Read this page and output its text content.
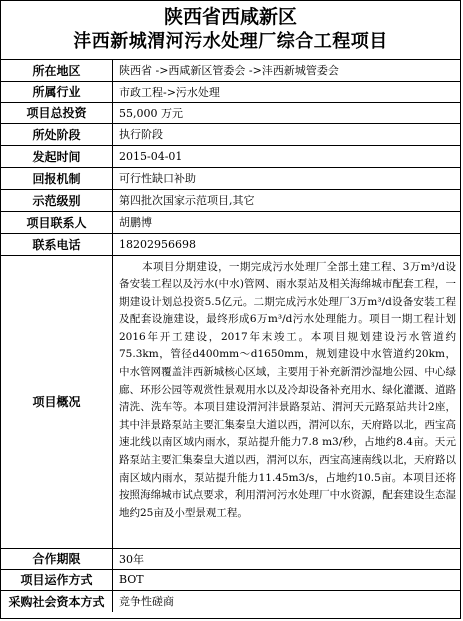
陕西省西咸新区
沣西新城渭河污水处理厂综合工程项目
所在地区	陕西省 ->西咸新区管委会 ->沣西新城管委会
所属行业	市政工程->污水处理
项目总投资	55,000 万元
所处阶段	执行阶段
发起时间	2015-04-01
回报机制	可行性缺口补助
示范级别	第四批次国家示范项目,其它
项目联系人	胡鹏博
联系电话	18202956698
项目概况	本项目分期建设，一期完成污水处理厂全部土建工程、3万m³/d设备安装工程以及污水(中水)管网、雨水泵站及相关海绵城市配套工程，一期建设计划总投资5.5亿元。二期完成污水处理厂3万m³/d设备安装工程及配套设施建设，最终形成6万m³/d污水处理能力。项目一期工程计划2016年开工建设，2017年末竣工。本项目规划建设污水管道约75.3km，管径d400mm～d1650mm，规划建设中水管道约20km，中水管网覆盖沣西新城核心区域，主要用于补充新渭沙湿地公园、中心绿廊、环形公园等观赏性景观用水以及冷却设备补充用水、绿化灌溉、道路清洗、洗车等。本项目建设渭河沣景路泵站、渭河天元路泵站共计2座，其中沣景路泵站主要汇集秦皇大道以西，渭河以东，天府路以北，西宝高速北线以南区域内雨水，泵站提升能力7.8 m3/秒，占地约8.4亩。天元路泵站主要汇集秦皇大道以西，渭河以东，西宝高速南线以北，天府路以南区域内雨水，泵站提升能力11.45m3/s，占地约10.5亩。本项目还将按照海绵城市试点要求，利用渭河污水处理厂中水资源，配套建设生态湿地约25亩及小型景观工程。

合作期限	30年
项目运作方式	BOT
采购社会资本方式	竞争性磋商
